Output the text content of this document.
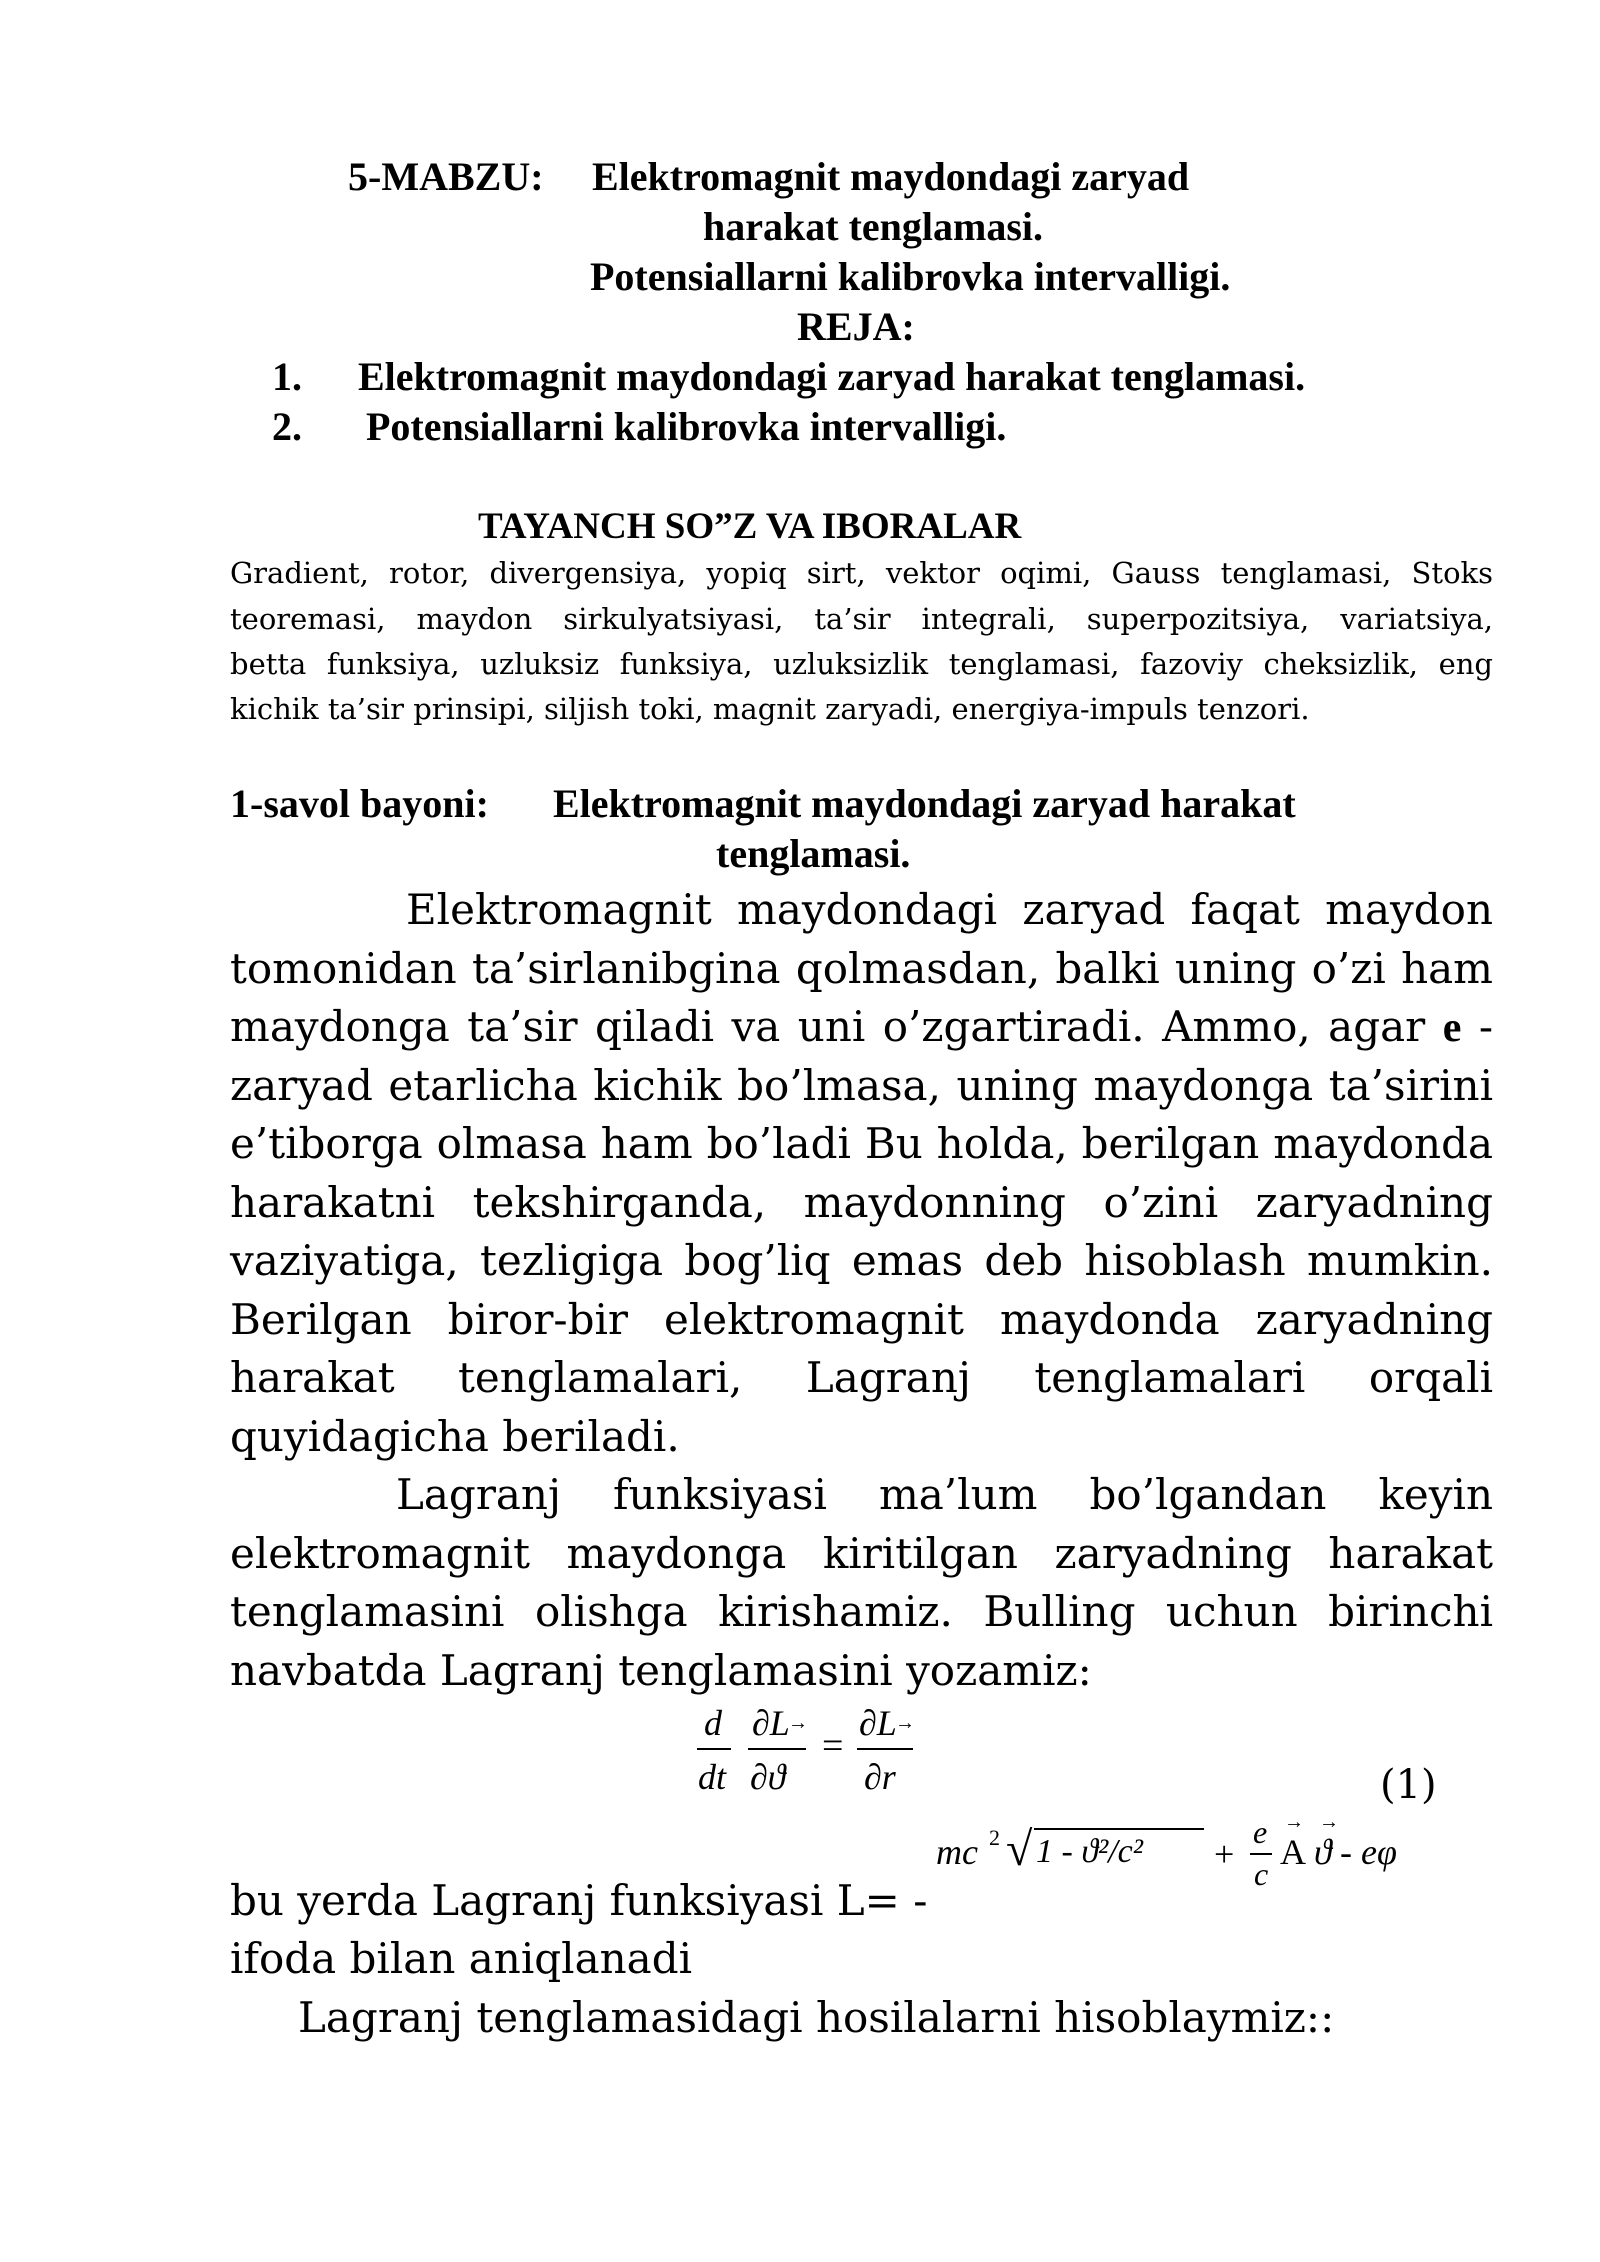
5-MABZU: Elektromagnit maydondagi zaryad
harakat tenglamasi.
Potensiallarni kalibrovka intervalligi.
REJA:
1. Elektromagnit maydondagi zaryad harakat tenglamasi.
2. Potensiallarni kalibrovka intervalligi.
TAYANCH SO”Z VA IBORALAR
Gradient, rotor, divergensiya, yopiq sirt, vektor oqimi, Gauss tenglamasi, Stoks
teoremasi, maydon sirkulyatsiyasi, ta’sir integrali, superpozitsiya, variatsiya,
betta funksiya, uzluksiz funksiya, uzluksizlik tenglamasi, fazoviy cheksizlik, eng
kichik ta’sir prinsipi, siljish toki, magnit zaryadi, energiya-impuls tenzori.
1-savol bayoni: Elektromagnit maydondagi zaryad harakat
tenglamasi.
Elektromagnit maydondagi zaryad faqat maydon
tomonidan ta’sirlanibgina qolmasdan, balki uning o’zi ham
maydonga ta’sir qiladi va uni o’zgartiradi. Ammo, agar e -
zaryad etarlicha kichik bo’lmasa, uning maydonga ta’sirini
e’tiborga olmasa ham bo’ladi Bu holda, berilgan maydonda
harakatni tekshirganda, maydonning o’zini zaryadning
vaziyatiga, tezligiga bog’liq emas deb hisoblash mumkin.
Berilgan biror-bir elektromagnit maydonda zaryadning
harakat tenglamalari, Lagranj tenglamalari orqali
quyidagicha beriladi.
Lagranj funksiyasi ma’lum bo’lgandan keyin
elektromagnit maydonga kiritilgan zaryadning harakat
tenglamasini olishga kirishamiz. Bulling uchun birinchi
navbatda Lagranj tenglamasini yozamiz:
d
dt
∂L
→
∂ϑ
=
∂L
→
∂r	(1)
bu yerda Lagranj funksiyasi L= -
mc 2 √ 1 - ϑ²/c² +
e
c
→
A
→
ϑ - eφ
ifoda bilan aniqlanadi
Lagranj tenglamasidagi hosilalarni hisoblaymiz::
